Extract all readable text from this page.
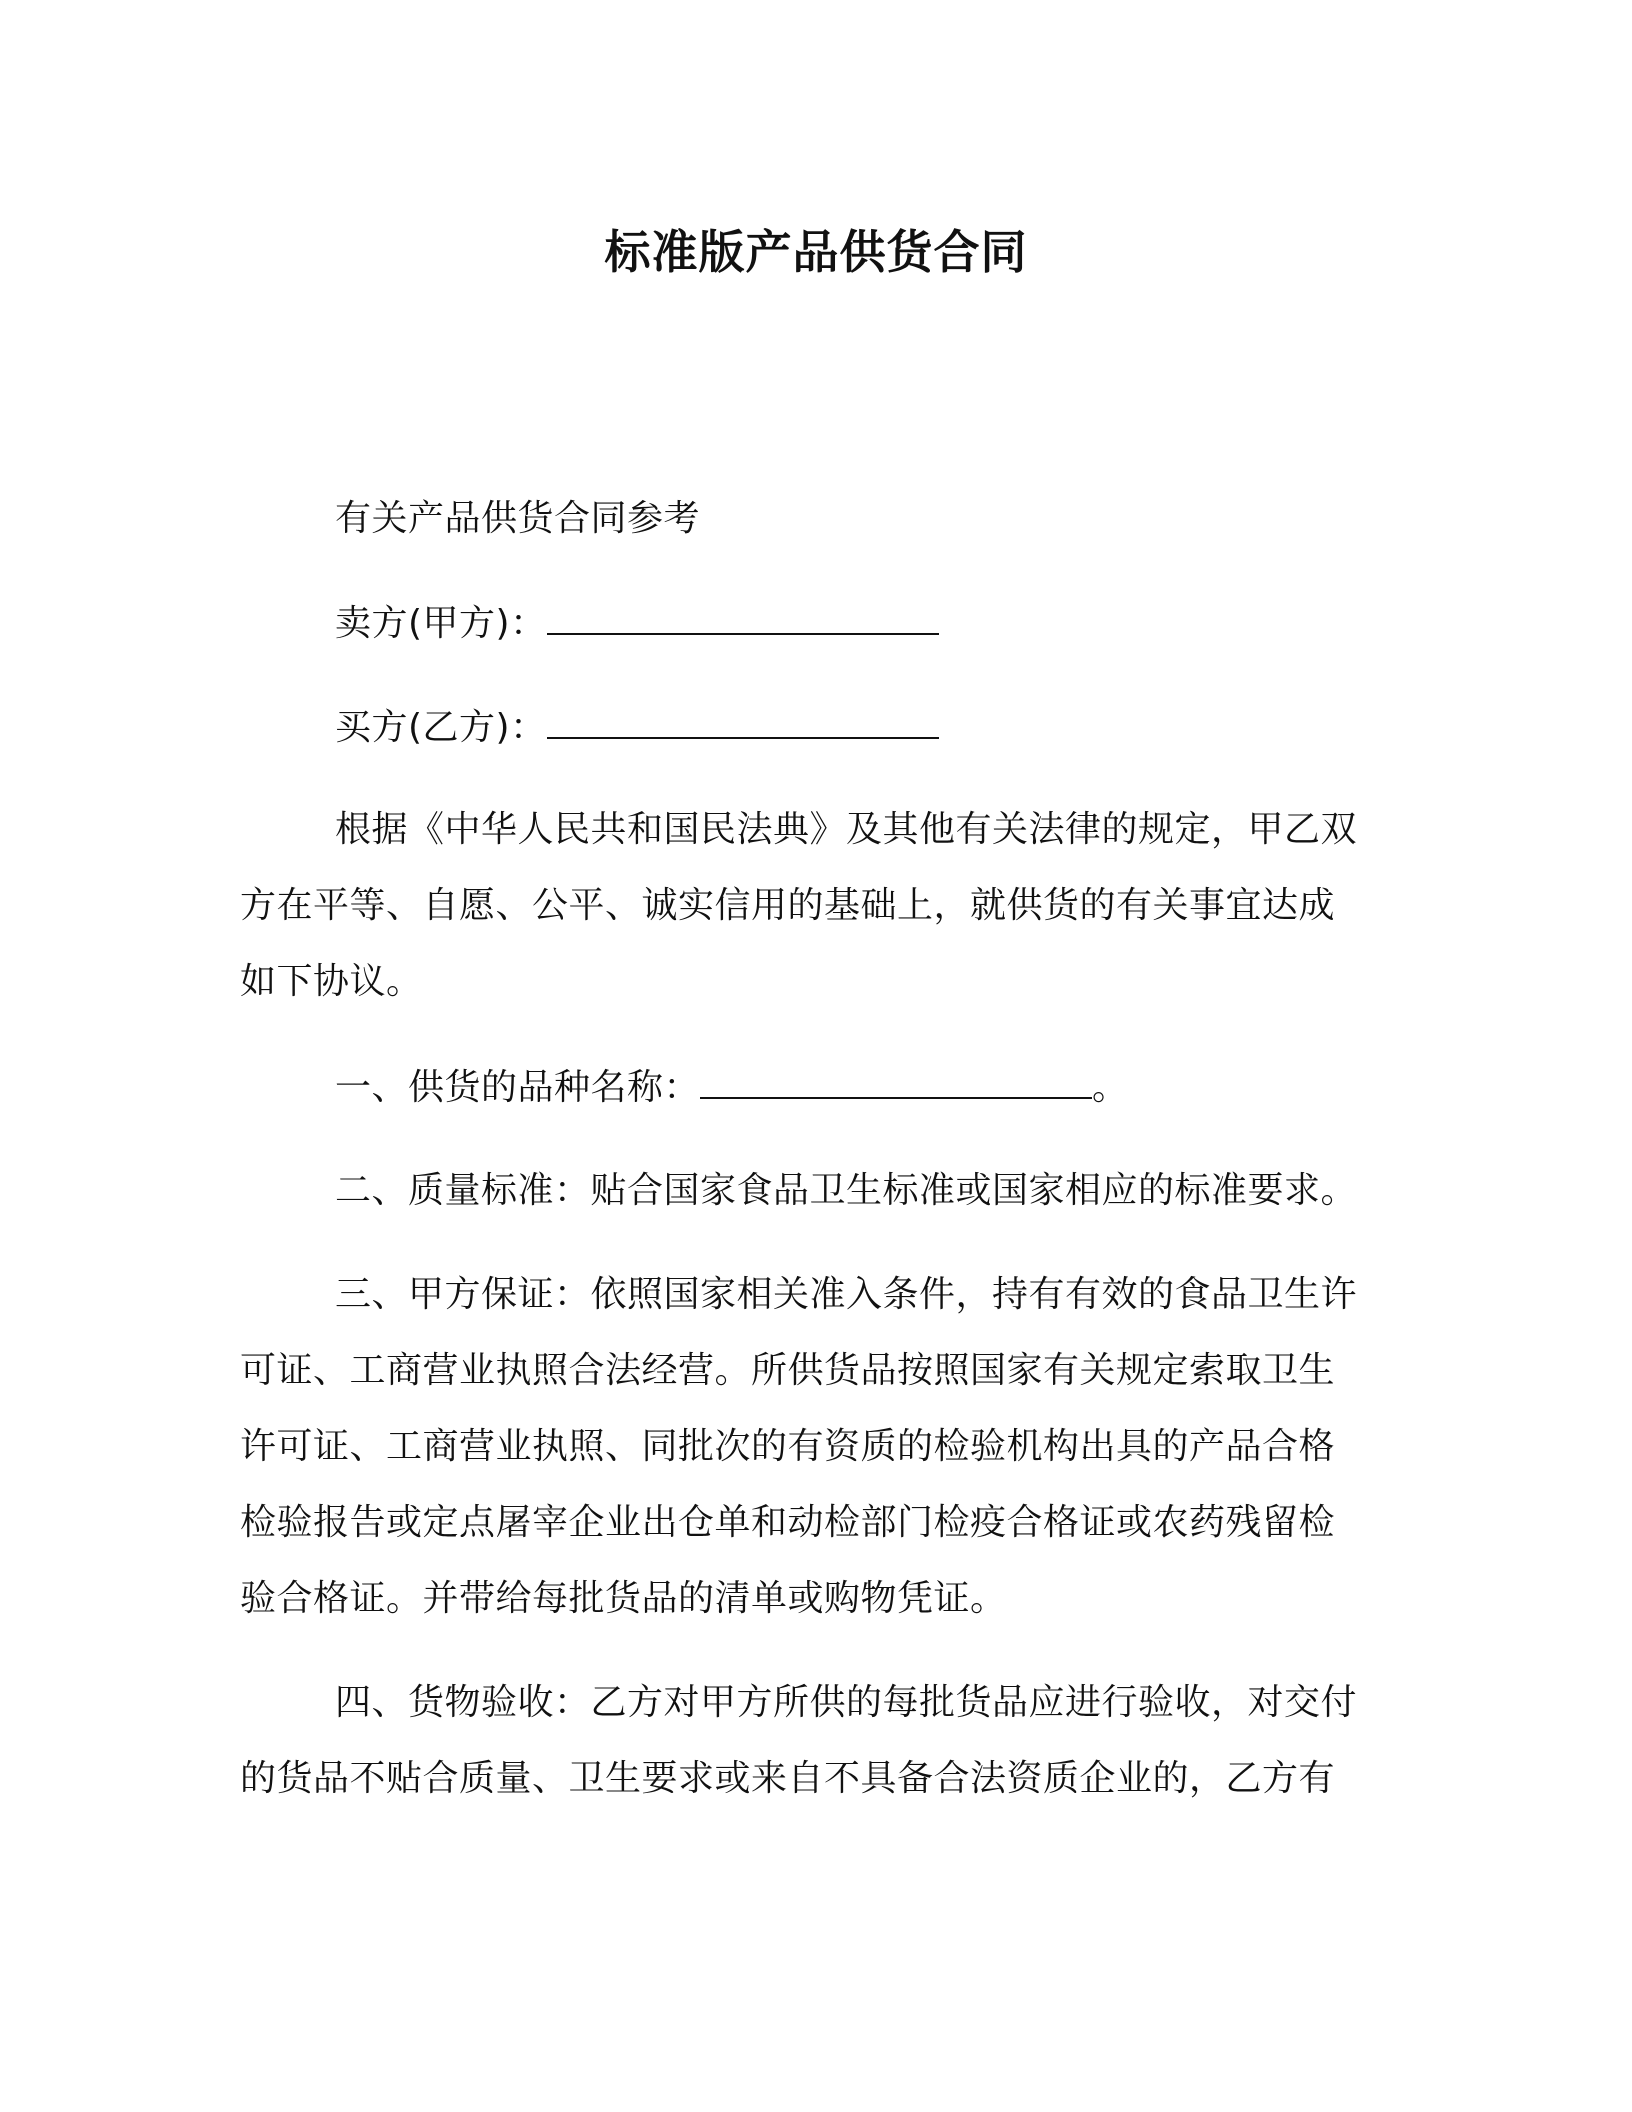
标准版产品供货合同
有关产品供货合同参考
卖方(甲方)：
买方(乙方)：
根据《中华人民共和国民法典》及其他有关法律的规定，甲乙双
方在平等、自愿、公平、诚实信用的基础上，就供货的有关事宜达成
如下协议。
一、供货的品种名称：	。
二、质量标准：贴合国家食品卫生标准或国家相应的标准要求。
三、甲方保证：依照国家相关准入条件，持有有效的食品卫生许
可证、工商营业执照合法经营。所供货品按照国家有关规定索取卫生
许可证、工商营业执照、同批次的有资质的检验机构出具的产品合格
检验报告或定点屠宰企业出仓单和动检部门检疫合格证或农药残留检
验合格证。并带给每批货品的清单或购物凭证。
四、货物验收：乙方对甲方所供的每批货品应进行验收，对交付
的货品不贴合质量、卫生要求或来自不具备合法资质企业的，乙方有
